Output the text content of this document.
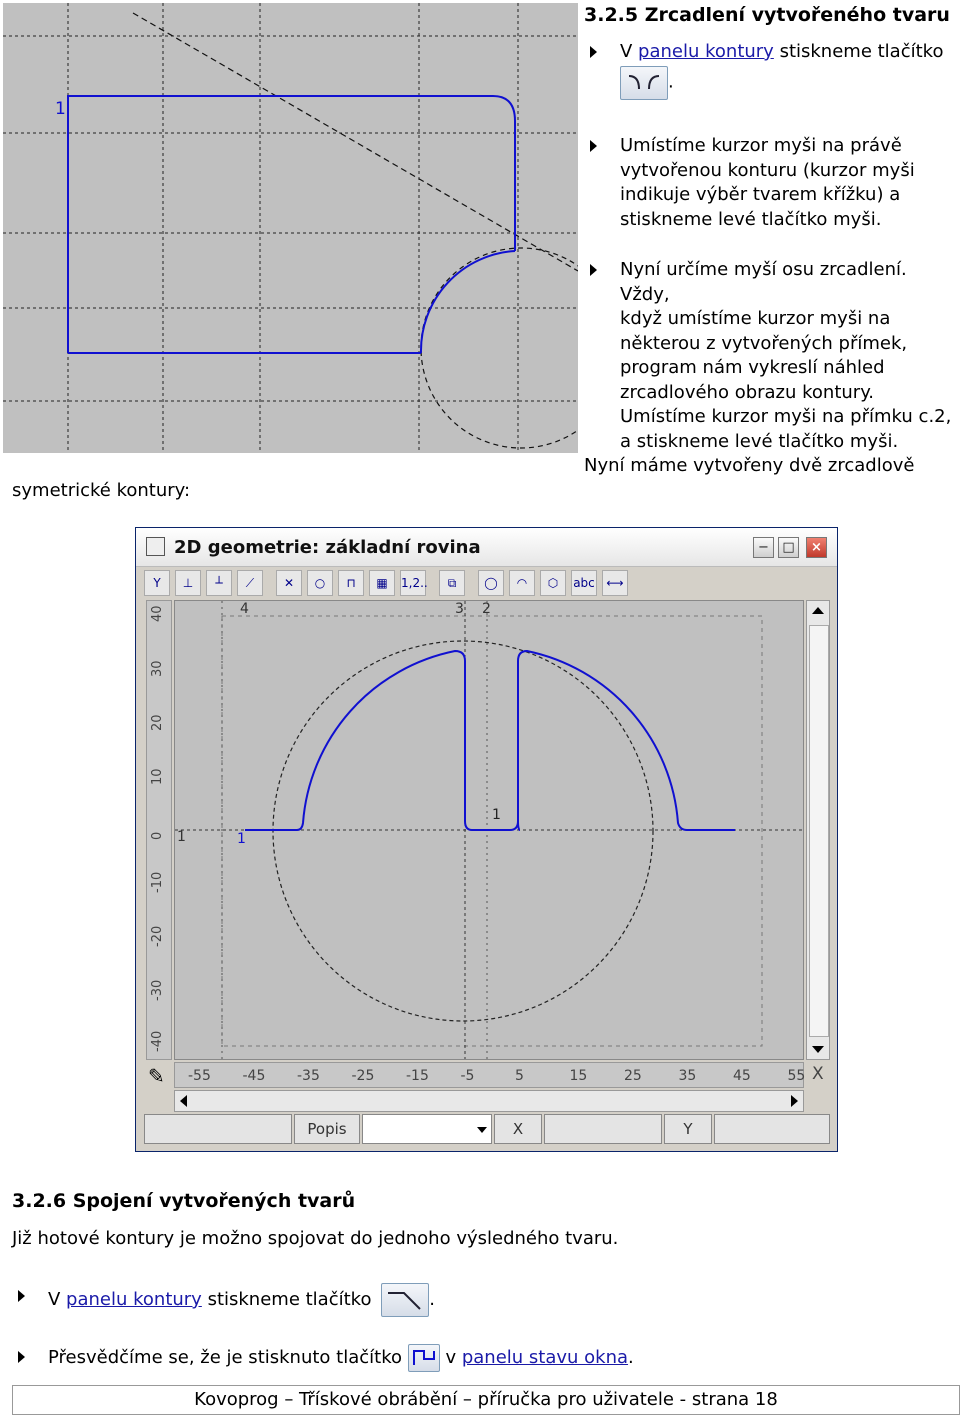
1
3.2.5 Zrcadlení vytvořeného tvaru
V panelu kontury stiskneme tlačítko
.
Umístíme kurzor myši na právě
vytvořenou konturu (kurzor myši
indikuje výběr tvarem křížku) a
stiskneme levé tlačítko myši.
Nyní určíme myší osu zrcadlení. Vždy,
když umístíme kurzor myši na
některou z vytvořených přímek,
program nám vykreslí náhled
zrcadlového obrazu kontury.
Umístíme kurzor myši na přímku c.2,
a stiskneme levé tlačítko myši.
Nyní máme vytvořeny dvě zrcadlově
symetrické kontury:
2D geometrie: základní rovina	−	□	×
4	3 2
1	1
1
✎	X
Popis	X	Y
Y	⊥	┴	⟋	✕	○	⊓	▦	1,2..	⧉	◯	◠	⬡	abc ⟷
40
30
20
10
0
-10
-20
-30
-40
-55 -45 -35 -25 -15 -5	5	15	25	35	45	55
3.2.6 Spojení vytvořených tvarů
Již hotové kontury je možno spojovat do jednoho výsledného tvaru.
V panelu kontury stiskneme tlačítko	.
Přesvědčíme se, že je stisknuto tlačítko  v panelu stavu okna.
Kovoprog – Třískové obrábění – příručka pro uživatele - strana 18
